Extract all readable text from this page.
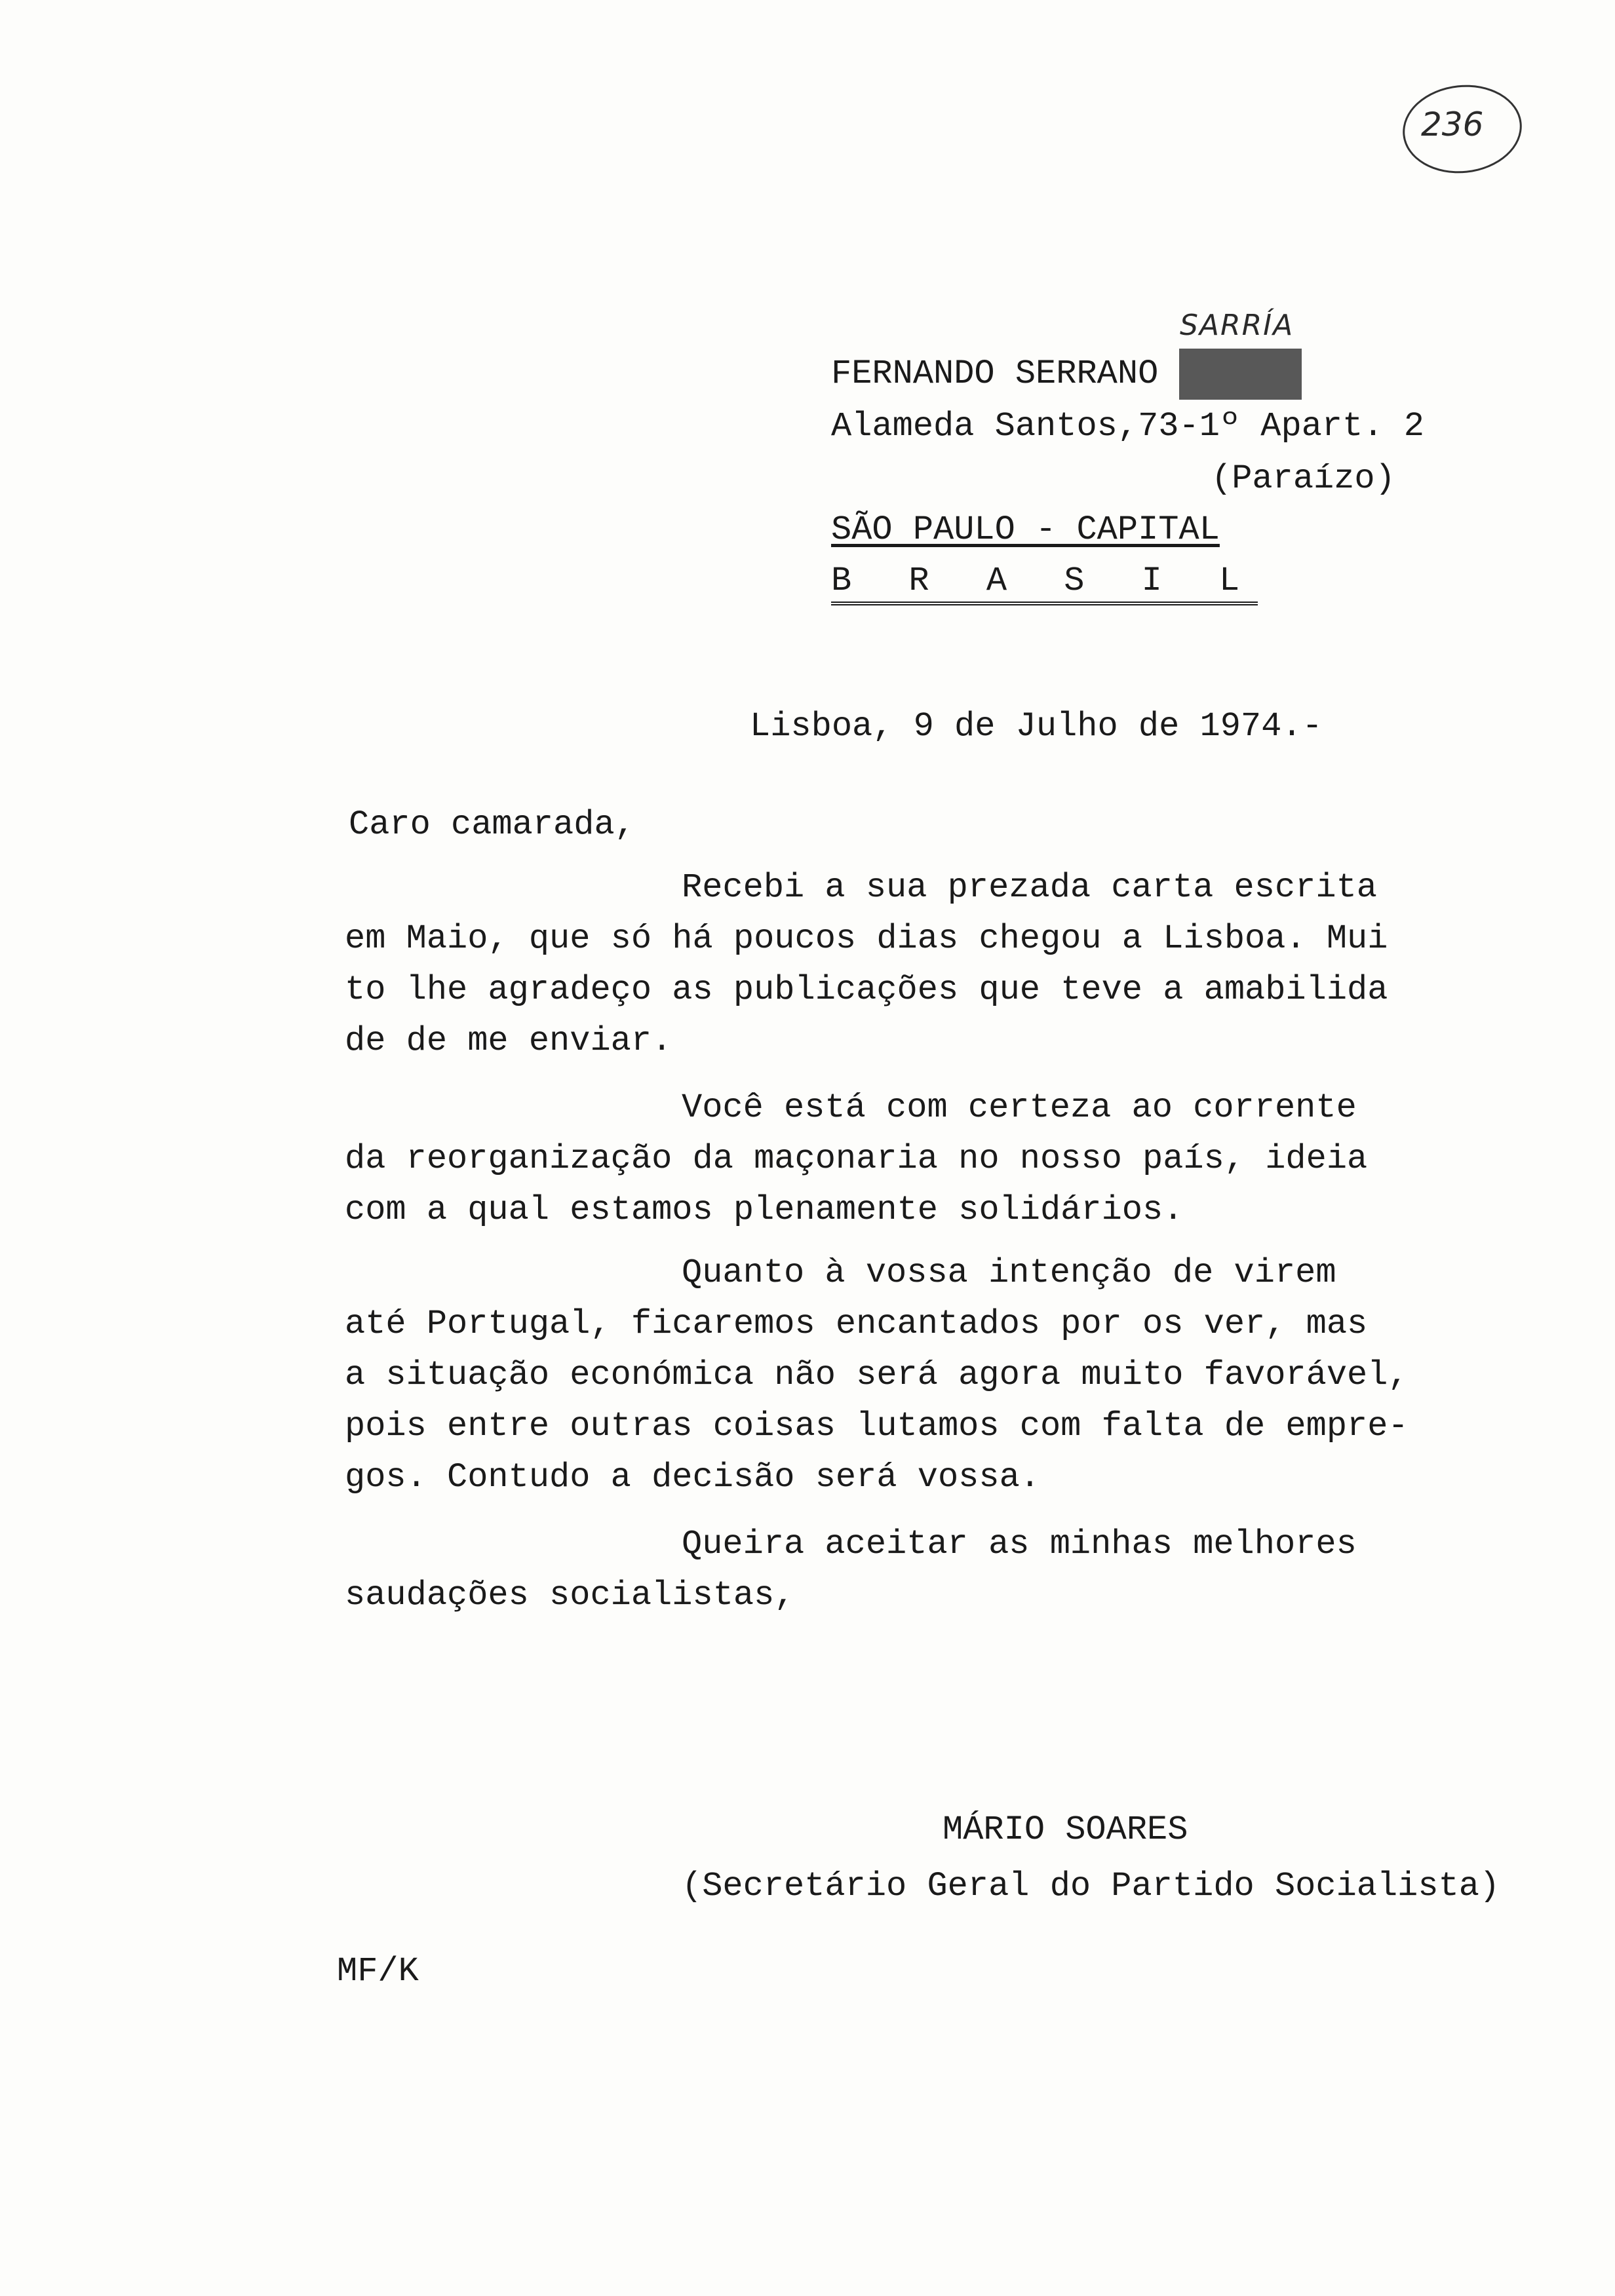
236
SARRÍA
FERNANDO SERRANO SARRIA
Alameda Santos,73-1º Apart. 2
(Paraízo)
SÃO PAULO - CAPITAL
B R A S I L
Lisboa, 9 de Julho de 1974.-
Caro camarada,
Recebi a sua prezada carta escrita
em Maio, que só há poucos dias chegou a Lisboa. Mui
to lhe agradeço as publicações que teve a amabilida
de de me enviar.
Você está com certeza ao corrente
da reorganização da maçonaria no nosso país, ideia
com a qual estamos plenamente solidários.
Quanto à vossa intenção de virem
até Portugal, ficaremos encantados por os ver, mas
a situação económica não será agora muito favorável,
pois entre outras coisas lutamos com falta de empre-
gos. Contudo a decisão será vossa.
Queira aceitar as minhas melhores
saudações socialistas,
MÁRIO SOARES
(Secretário Geral do Partido Socialista)
MF/K
